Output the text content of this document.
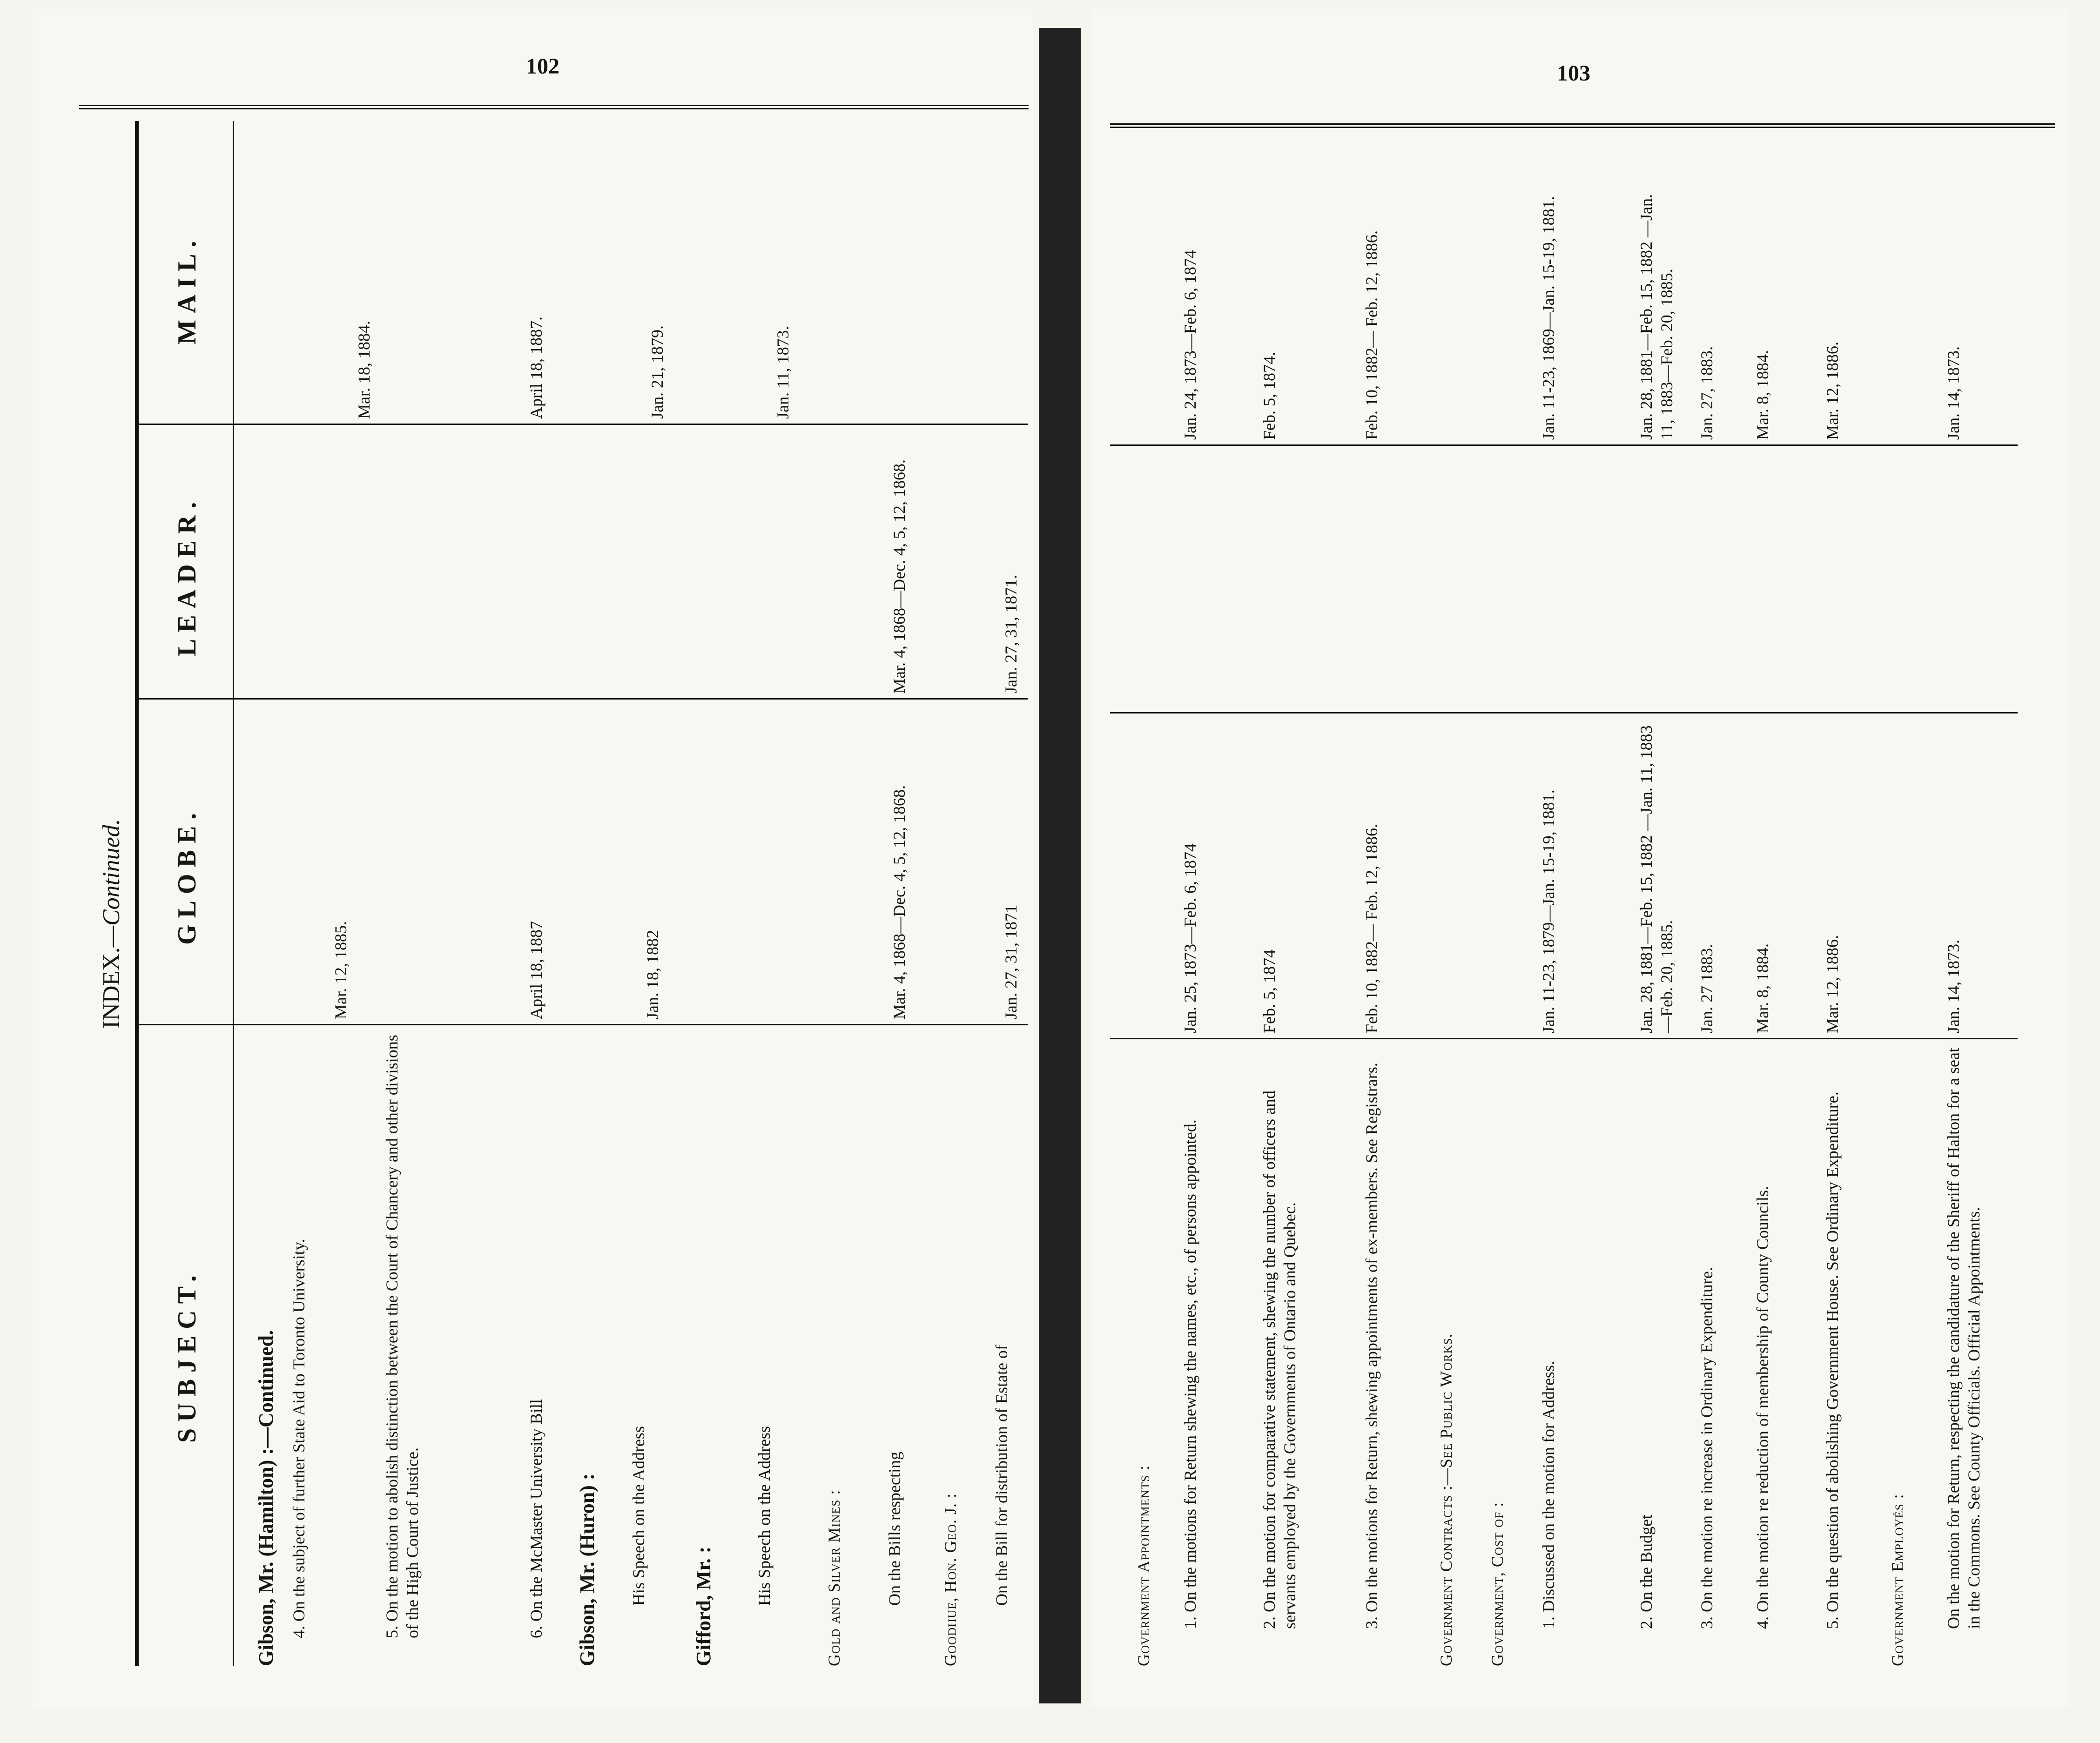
102
INDEX.—Continued.
SUBJECT.
GLOBE.
LEADER.
MAIL.
Gibson, Mr. (Hamilton) :—Continued. 4. On the subject of further State Aid to Toronto University.
Mar. 12, 1885.
Mar. 18, 1884.
5. On the motion to abolish distinction between the Court of Chancery and other divisions of the High Court of Justice.	6. On the McMaster University Bill
April 18, 1887
April 18, 1887.
Gibson, Mr. (Huron) : His Speech on the Address
Jan. 18, 1882
Jan. 21, 1879.
Gifford, Mr. :
His Speech on the Address
Jan. 11, 1873.
Gold and Silver Mines :	On the Bills respecting
Mar. 4, 1868—Dec. 4, 5, 12, 1868.
Mar. 4, 1868—Dec. 4, 5, 12, 1868.
Goodhue, Hon. Geo. J. : On the Bill for distribution of Estate of
Jan. 27, 31, 1871
Jan. 27, 31, 1871.
103
Government Appointments : 1. On the motions for Return shewing the names, etc., of persons appointed.
Jan. 25, 1873—Feb. 6, 1874
Jan. 24, 1873—Feb. 6, 1874
2. On the motion for comparative statement, shewing the number of officers and servants employed by the Governments of Ontario and Quebec.
Feb. 5, 1874
Feb. 5, 1874.
3. On the motions for Return, shewing appointments of ex-members. See Registrars.
Feb. 10, 1882— Feb. 12, 1886.
Feb. 10, 1882— Feb. 12, 1886.
Government Contracts :—See Public Works. Government, Cost of : 1. Discussed on the motion for Address.
Jan. 11-23, 1879—Jan. 15-19, 1881.
Jan. 11-23, 1869—Jan. 15-19, 1881.
2. On the Budget
Jan. 28, 1881—Feb. 15, 1882 —Jan. 11, 1883—Feb. 20, 1885.
Jan. 28, 1881—Feb. 15, 1882 —Jan. 11, 1883—Feb. 20, 1885.
3. On the motion re increase in Ordinary Expenditure.
Jan. 27 1883.
Jan. 27, 1883.
4. On the motion re reduction of membership of County Councils.
Mar. 8, 1884.
Mar. 8, 1884.
5. On the question of abolishing Government House. See Ordinary Expenditure.
Mar. 12, 1886.
Mar. 12, 1886.
Government Employés : On the motion for Return, respecting the candidature of the Sheriff of Halton for a seat in the Commons. See County Officials. Official Appointments.
Jan. 14, 1873.
Jan. 14, 1873.
